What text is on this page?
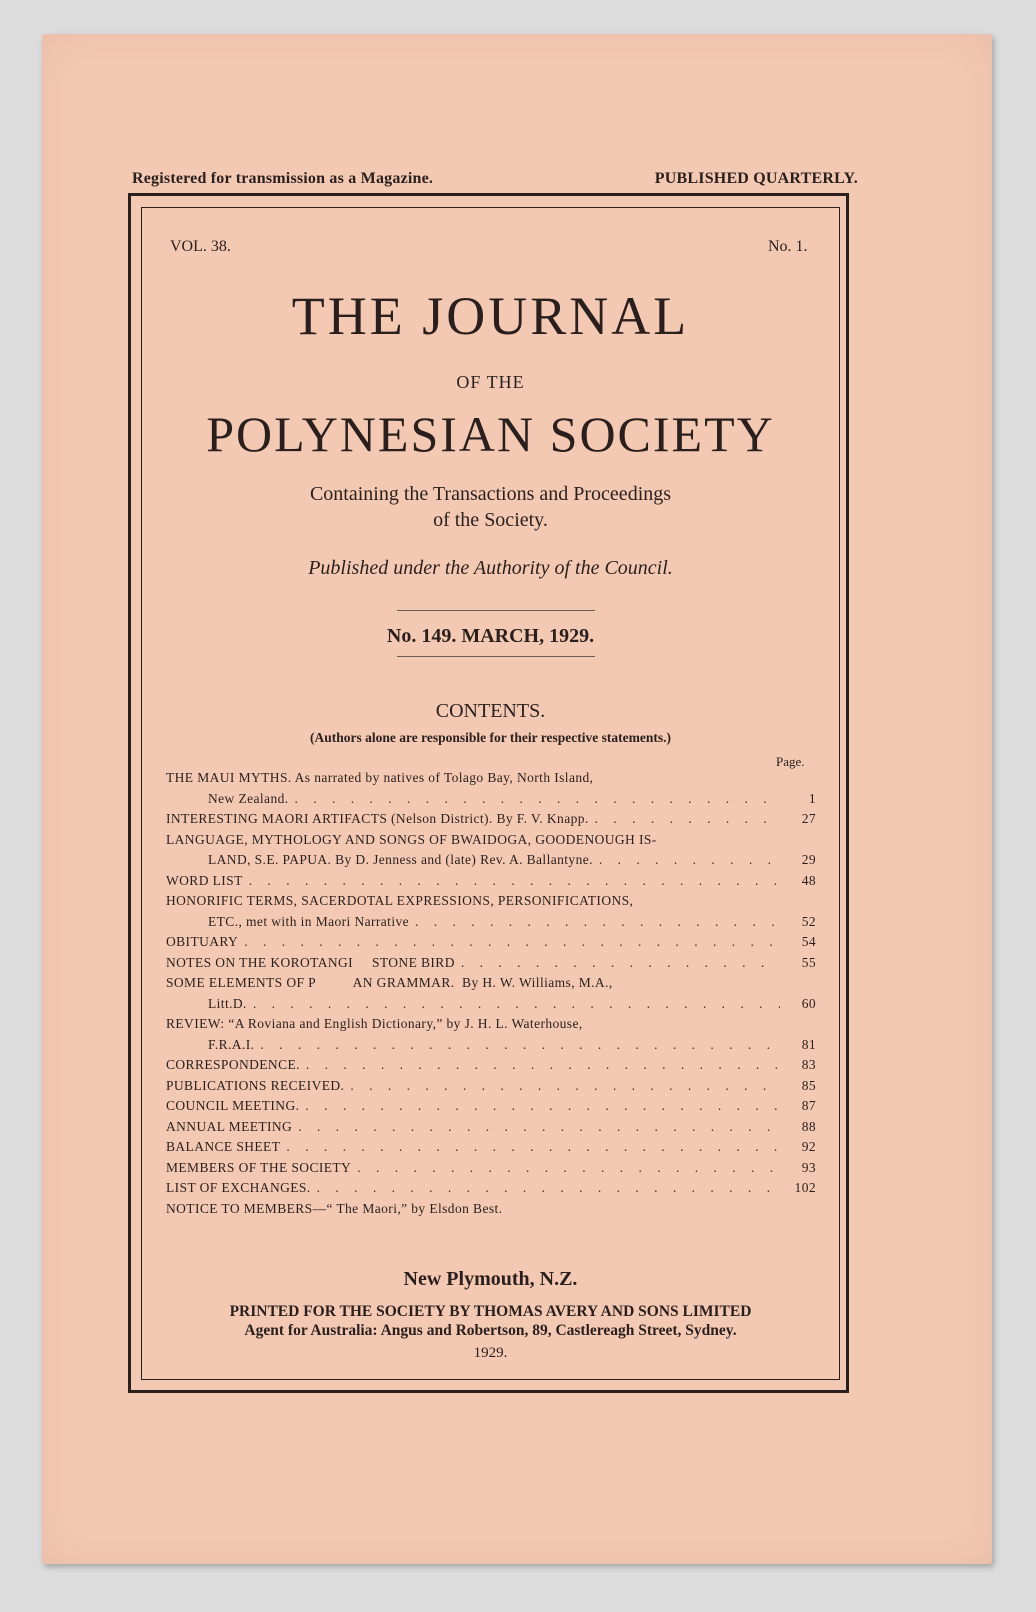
Registered for transmission as a Magazine.	PUBLISHED QUARTERLY.
VOL. 38.	No. 1.
THE JOURNAL
OF THE
POLYNESIAN SOCIETY
Containing the Transactions and Proceedings
of the Society.
Published under the Authority of the Council.
No. 149. MARCH, 1929.
CONTENTS.
(Authors alone are responsible for their respective statements.)
Page.
THE MAUI MYTHS. As narrated by natives of Tolago Bay, North Island,
New Zealand. . . .	1
INTERESTING MAORI ARTIFACTS (Nelson District). By F. V. Knapp. . . .	27
LANGUAGE, MYTHOLOGY AND SONGS OF BWAIDOGA, GOODENOUGH IS-
LAND, S.E. PAPUA. By D. Jenness and (late) Rev. A. Ballantyne. . . .	29
WORD LIST . . .	48
HONORIFIC TERMS, SACERDOTAL EXPRESSIONS, PERSONIFICATIONS,
ETC., met with in Maori Narrative . . .	52
OBITUARY . . .	54
NOTES ON THE KOROTANGI     STONE BIRD . . .	55
SOME ELEMENTS OF P          AN GRAMMAR.  By H. W. Williams, M.A.,
Litt.D. . . .	60
REVIEW: “A Roviana and English Dictionary,” by J. H. L. Waterhouse,
F.R.A.I. . . .	81
CORRESPONDENCE. . . .	83
PUBLICATIONS RECEIVED. . . .	85
COUNCIL MEETING. . . .	87
ANNUAL MEETING . . .	88
BALANCE SHEET . . .	92
MEMBERS OF THE SOCIETY . . .	93
LIST OF EXCHANGES. . . .	102
NOTICE TO MEMBERS—“ The Maori,” by Elsdon Best.
New Plymouth, N.Z.
PRINTED FOR THE SOCIETY BY THOMAS AVERY AND SONS LIMITED
Agent for Australia: Angus and Robertson, 89, Castlereagh Street, Sydney.
1929.
